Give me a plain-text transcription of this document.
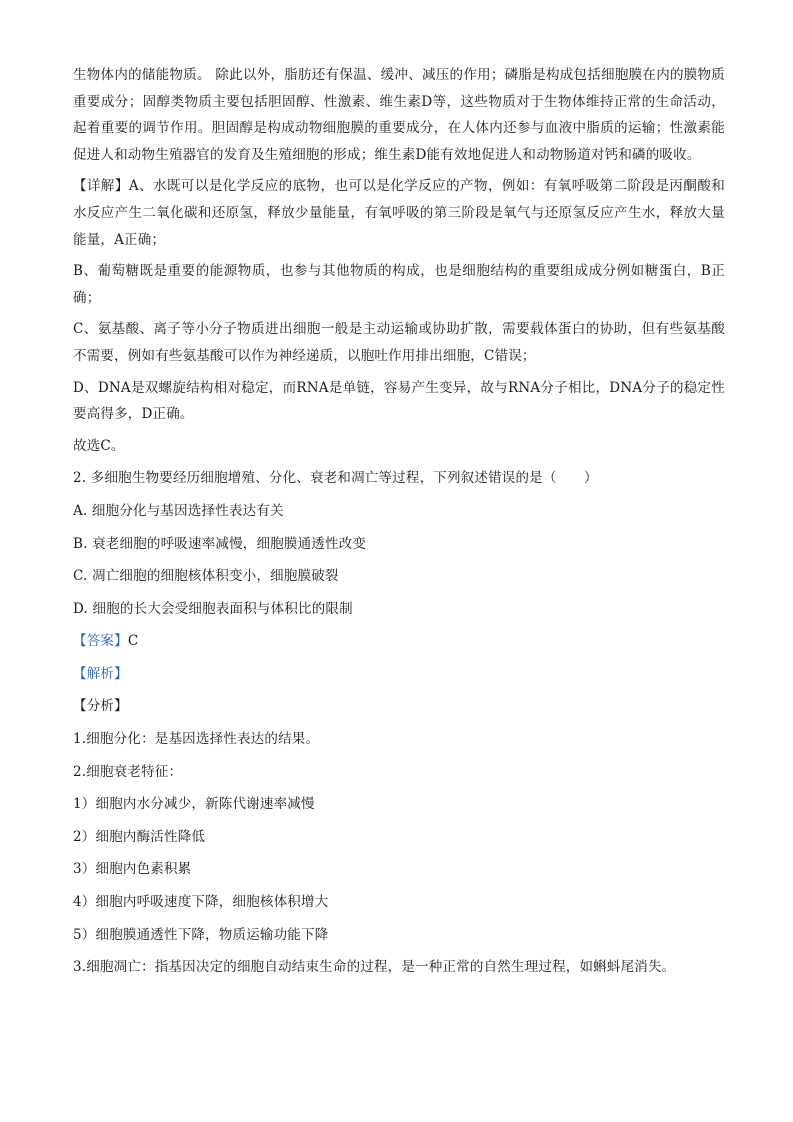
生物体内的储能物质。 除此以外，脂肪还有保温、缓冲、减压的作用；磷脂是构成包括细胞膜在内的膜物质重要成分；固醇类物质主要包括胆固醇、性激素、维生素D等，这些物质对于生物体维持正常的生命活动，起着重要的调节作用。胆固醇是构成动物细胞膜的重要成分，在人体内还参与血液中脂质的运输；性激素能促进人和动物生殖器官的发育及生殖细胞的形成；维生素D能有效地促进人和动物肠道对钙和磷的吸收。

【详解】A、水既可以是化学反应的底物，也可以是化学反应的产物，例如：有氧呼吸第二阶段是丙酮酸和水反应产生二氧化碳和还原氢，释放少量能量，有氧呼吸的第三阶段是氧气与还原氢反应产生水，释放大量能量，A正确；

B、葡萄糖既是重要的能源物质，也参与其他物质的构成，也是细胞结构的重要组成成分例如糖蛋白，B正确；

C、氨基酸、离子等小分子物质进出细胞一般是主动运输或协助扩散，需要载体蛋白的协助，但有些氨基酸不需要，例如有些氨基酸可以作为神经递质，以胞吐作用排出细胞，C错误；

D、DNA是双螺旋结构相对稳定，而RNA是单链，容易产生变异，故与RNA分子相比，DNA分子的稳定性要高得多，D正确。

故选C。

2. 多细胞生物要经历细胞增殖、分化、衰老和凋亡等过程，下列叙述错误的是（　　）

A. 细胞分化与基因选择性表达有关

B. 衰老细胞的呼吸速率减慢，细胞膜通透性改变

C. 凋亡细胞的细胞核体积变小，细胞膜破裂

D. 细胞的长大会受细胞表面积与体积比的限制

【答案】C

【解析】

【分析】

1.细胞分化：是基因选择性表达的结果。

2.细胞衰老特征：

1）细胞内水分减少，新陈代谢速率减慢

2）细胞内酶活性降低

3）细胞内色素积累

4）细胞内呼吸速度下降，细胞核体积增大

5）细胞膜通透性下降，物质运输功能下降

3.细胞凋亡：指基因决定的细胞自动结束生命的过程，是一种正常的自然生理过程，如蝌蚪尾消失。
